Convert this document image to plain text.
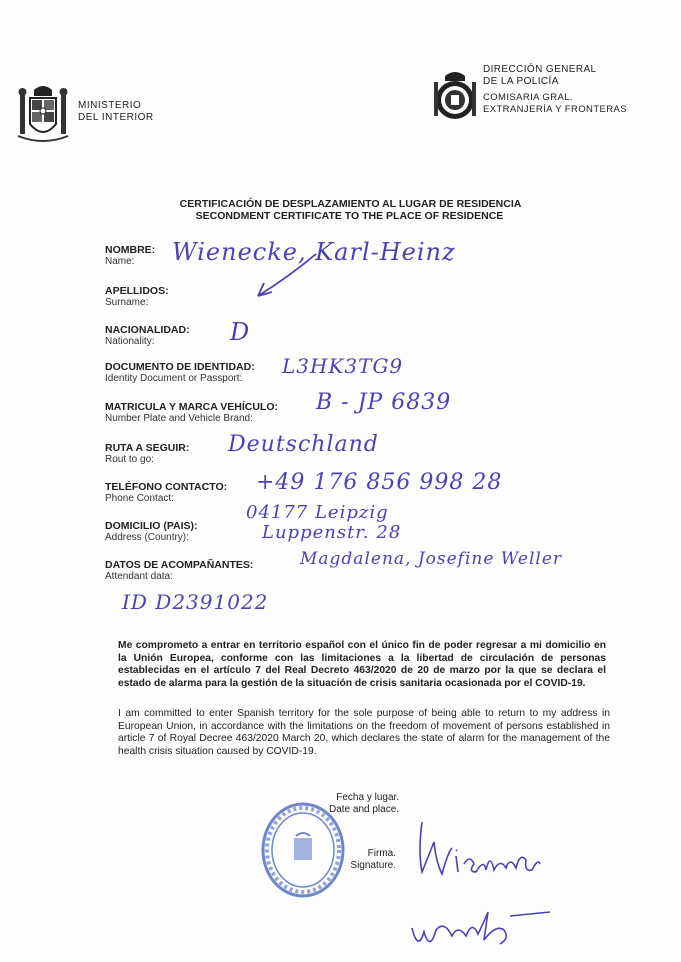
MINISTERIO
DEL INTERIOR
DIRECCIÓN GENERAL
DE LA POLICÍA
COMISARIA GRAL.
EXTRANJERÍA Y FRONTERAS
CERTIFICACIÓN DE DESPLAZAMIENTO AL LUGAR DE RESIDENCIA
SECONDMENT CERTIFICATE TO THE PLACE OF RESIDENCE
NOMBRE:
Name:	Wienecke, Karl-Heinz
APELLIDOS:
Surname:
NACIONALIDAD:
Nationality:	D
DOCUMENTO DE IDENTIDAD:
Identity Document or Passport:
L3HK3TG9
MATRICULA Y MARCA VEHÍCULO:
Number Plate and Vehicle Brand:
B - JP 6839
RUTA A SEGUIR:
Rout to go:
Deutschland
TELÉFONO CONTACTO:
Phone Contact:
+49 176 856 998 28
DOMICILIO (PAIS):
Address (Country):
04177 Leipzig
Luppenstr. 28
DATOS DE ACOMPAÑANTES:
Attendant data:
Magdalena, Josefine Weller
ID D2391022
Me comprometo a entrar en territorio español con el único fin de poder regresar a mi domicilio en la Unión Europea, conforme con las limitaciones a la libertad de circulación de personas establecidas en el artículo 7 del Real Decreto 463/2020 de 20 de marzo por la que se declara el estado de alarma para la gestión de la situación de crisis sanitaria ocasionada por el COVID-19.
I am committed to enter Spanish territory for the sole purpose of being able to return to my address in European Union, in accordance with the limitations on the freedom of movement of persons established in article 7 of Royal Decree 463/2020 March 20, which declares the state of alarm for the management of the health crisis situation caused by COVID-19.
Fecha y lugar.
Date and place.
Firma.
Signature.
